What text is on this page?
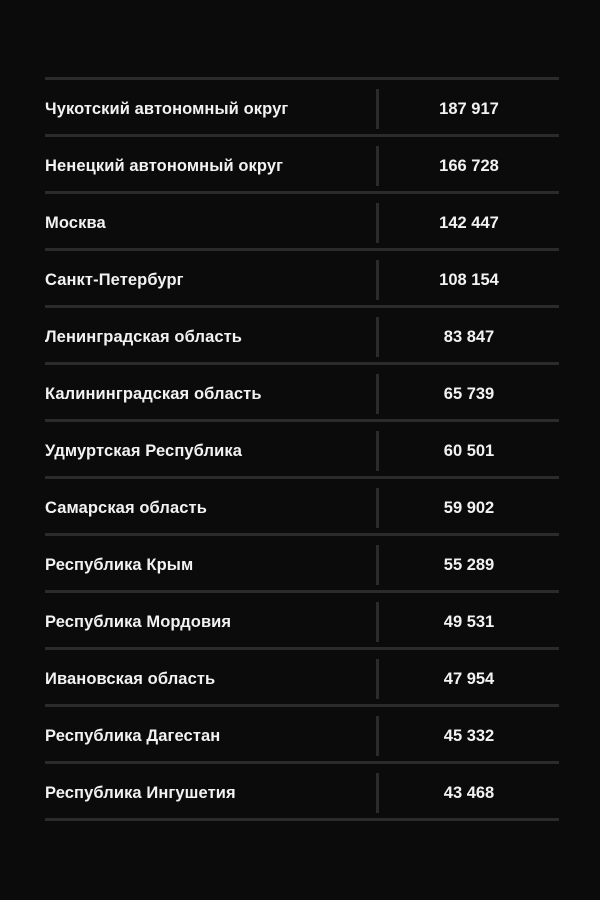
Чукотский автономный округ	187 917
Ненецкий автономный округ	166 728
Москва	142 447
Санкт-Петербург	108 154
Ленинградская область	83 847
Калининградская область	65 739
Удмуртская Республика	60 501
Самарская область	59 902
Республика Крым	55 289
Республика Мордовия	49 531
Ивановская область	47 954
Республика Дагестан	45 332
Республика Ингушетия	43 468
